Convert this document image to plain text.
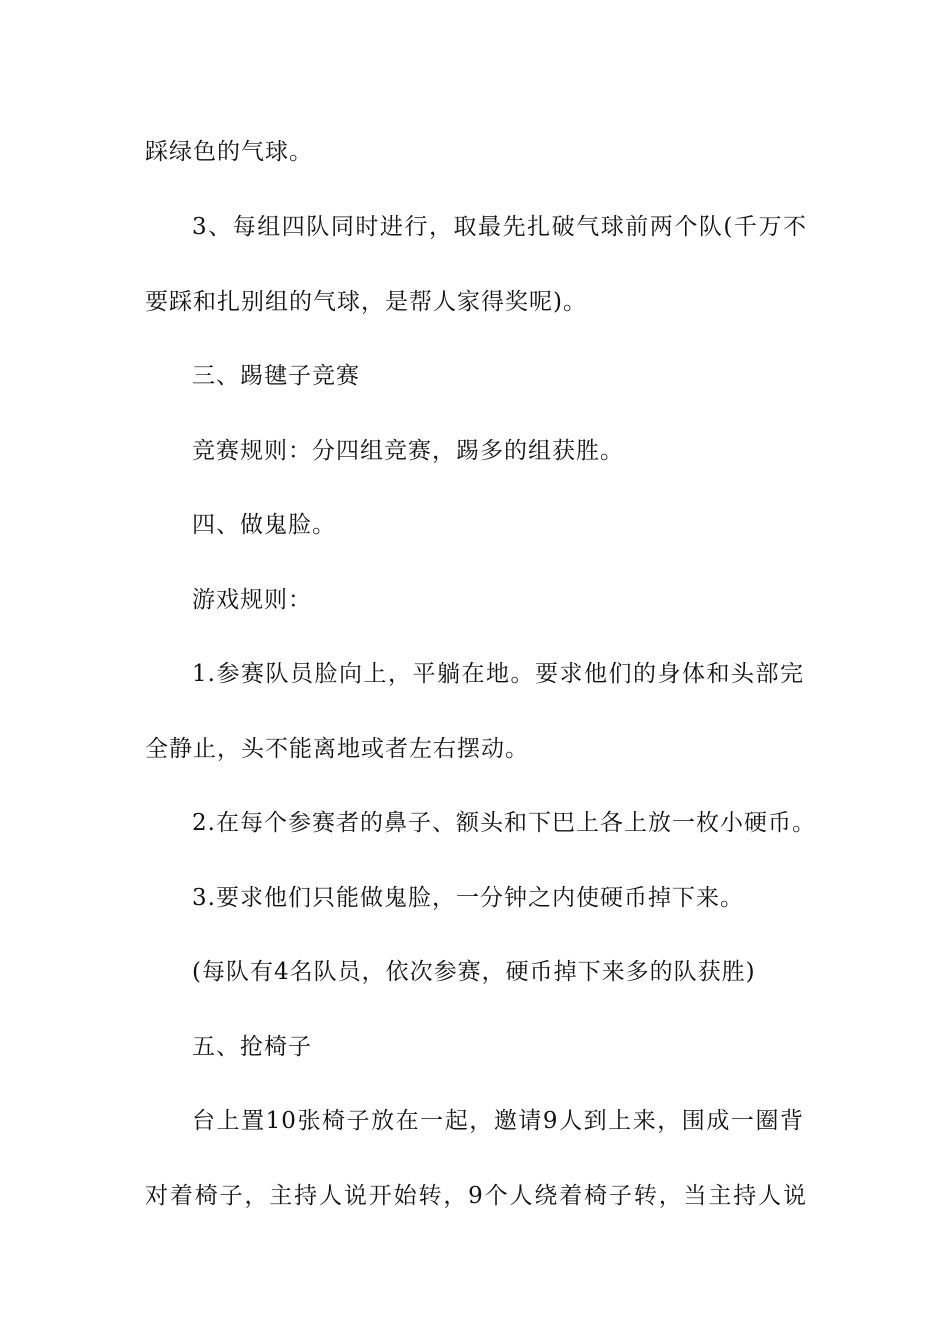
踩绿色的气球。
3、每组四队同时进行，取最先扎破气球前两个队(千万不
要踩和扎别组的气球，是帮人家得奖呢)。
三、踢毽子竞赛
竞赛规则：分四组竞赛，踢多的组获胜。
四、做鬼脸。
游戏规则：
1.参赛队员脸向上，平躺在地。要求他们的身体和头部完
全静止，头不能离地或者左右摆动。
2.在每个参赛者的鼻子、额头和下巴上各上放一枚小硬币。
3.要求他们只能做鬼脸，一分钟之内使硬币掉下来。
(每队有4名队员，依次参赛，硬币掉下来多的队获胜)
五、抢椅子
台上置10张椅子放在一起，邀请9人到上来，围成一圈背
对着椅子，主持人说开始转，9个人绕着椅子转，当主持人说
